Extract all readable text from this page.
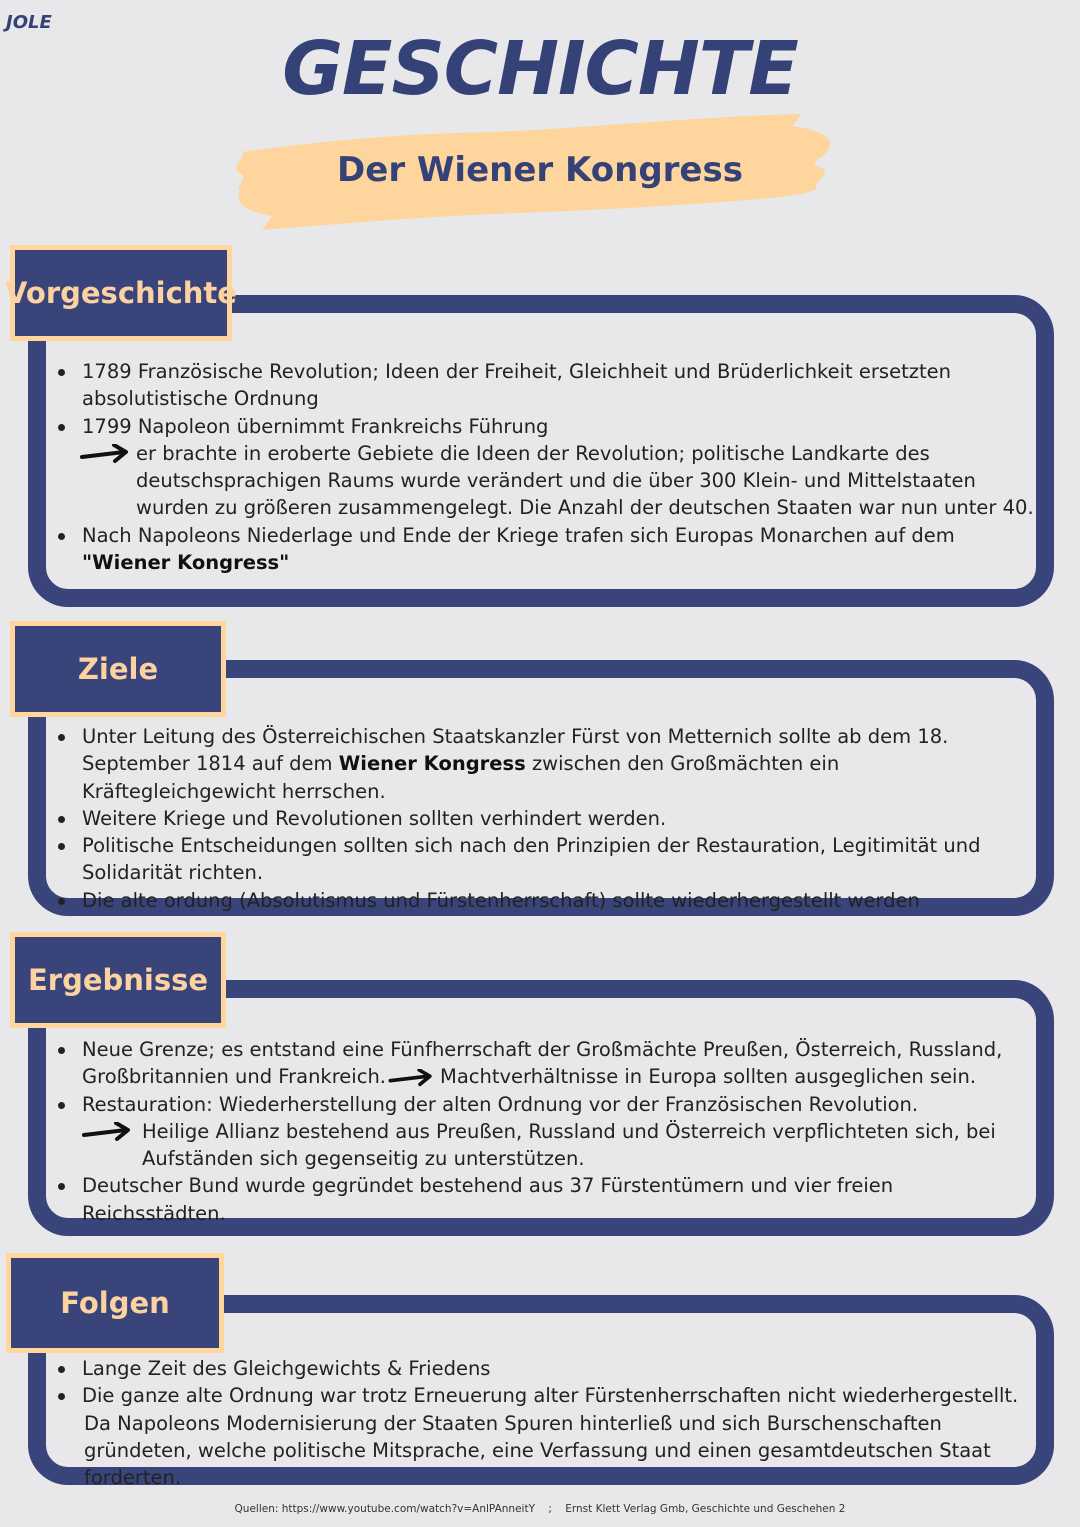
JOLE
GESCHICHTE
Der Wiener Kongress
Vorgeschichte
1789 Französische Revolution; Ideen der Freiheit, Gleichheit und Brüderlichkeit ersetzten absolutistische Ordnung
1799 Napoleon übernimmt Frankreichs Führung
er brachte in eroberte Gebiete die Ideen der Revolution; politische Landkarte des deutschsprachigen Raums wurde verändert und die über 300 Klein- und Mittelstaaten wurden zu größeren zusammengelegt. Die Anzahl der deutschen Staaten war nun unter 40.
Nach Napoleons Niederlage und Ende der Kriege trafen sich Europas Monarchen auf dem "Wiener Kongress"
Ziele
Unter Leitung des Österreichischen Staatskanzler Fürst von Metternich sollte ab dem 18. September 1814 auf dem Wiener Kongress zwischen den Großmächten ein Kräftegleichgewicht herrschen.
Weitere Kriege und Revolutionen sollten verhindert werden.
Politische Entscheidungen sollten sich nach den Prinzipien der Restauration, Legitimität und Solidarität richten.
Die alte ordung (Absolutismus und Fürstenherrschaft) sollte wiederhergestellt werden
Ergebnisse
Neue Grenze; es entstand eine Fünfherrschaft der Großmächte Preußen, Österreich, Russland, Großbritannien und Frankreich.	Machtverhältnisse in Europa sollten ausgeglichen sein.
Restauration: Wiederherstellung der alten Ordnung vor der Französischen Revolution.
Heilige Allianz bestehend aus Preußen, Russland und Österreich verpflichteten sich, bei Aufständen sich gegenseitig zu unterstützen.
Deutscher Bund wurde gegründet bestehend aus 37 Fürstentümern und vier freien Reichsstädten.
Folgen
Lange Zeit des Gleichgewichts & Friedens
Die ganze alte Ordnung war trotz Erneuerung alter Fürstenherrschaften nicht wiederhergestellt.
Da Napoleons Modernisierung der Staaten Spuren hinterließ und sich Burschenschaften gründeten, welche politische Mitsprache, eine Verfassung und einen gesamtdeutschen Staat forderten.
Quellen: https://www.youtube.com/watch?v=AnlPAnneitY ; Ernst Klett Verlag Gmb, Geschichte und Geschehen 2
